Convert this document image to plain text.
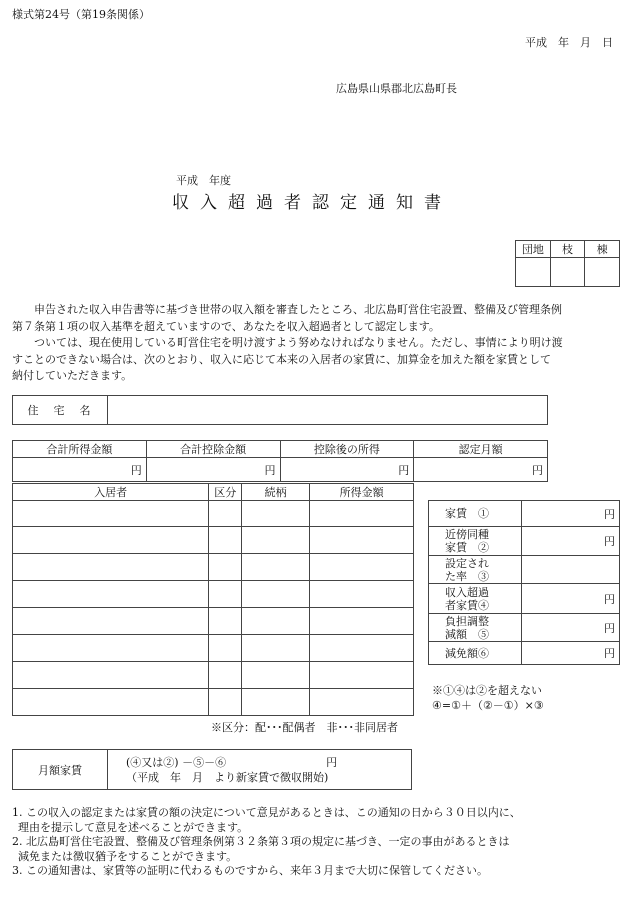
様式第24号（第19条関係）
平成　年　月　日
広島県山県郡北広島町長
平成　年度
収入超過者認定通知書
団地	枝	棟

申告された収入申告書等に基づき世帯の収入額を審査したところ、北広島町営住宅設置、整備及び管理条例
第７条第１項の収入基準を超えていますので、あなたを収入超過者として認定します。
ついては、現在使用している町営住宅を明け渡すよう努めなければなりません。ただし、事情により明け渡
すことのできない場合は、次のとおり、収入に応じて本来の入居者の家賃に、加算金を加えた額を家賃として
納付していただきます。
住　宅　名	
合計所得金額	合計控除金額	控除後の所得	認定月額
円	円	円	円
入居者	区分	続柄	所得金額

※区分：配･･･配偶者　非･･･非同居者
家賃　①	円

近傍同種
家賃　②	円

設定され
た率　③	

収入超過
者家賃④	円

負担調整
減額　⑤	円

減免額⑥	円
※①④は②を超えない
④=①＋（②－①）×③
月額家賃	
(④又は②) －⑤－⑥	円
（平成　年　月　より新家賃で徴収開始)
1. この収入の認定または家賃の額の決定について意見があるときは、この通知の日から３０日以内に、
理由を提示して意見を述べることができます。
2. 北広島町営住宅設置、整備及び管理条例第３２条第３項の規定に基づき、一定の事由があるときは
減免または徴収猶予をすることができます。
3. この通知書は、家賃等の証明に代わるものですから、来年３月まで大切に保管してください。
